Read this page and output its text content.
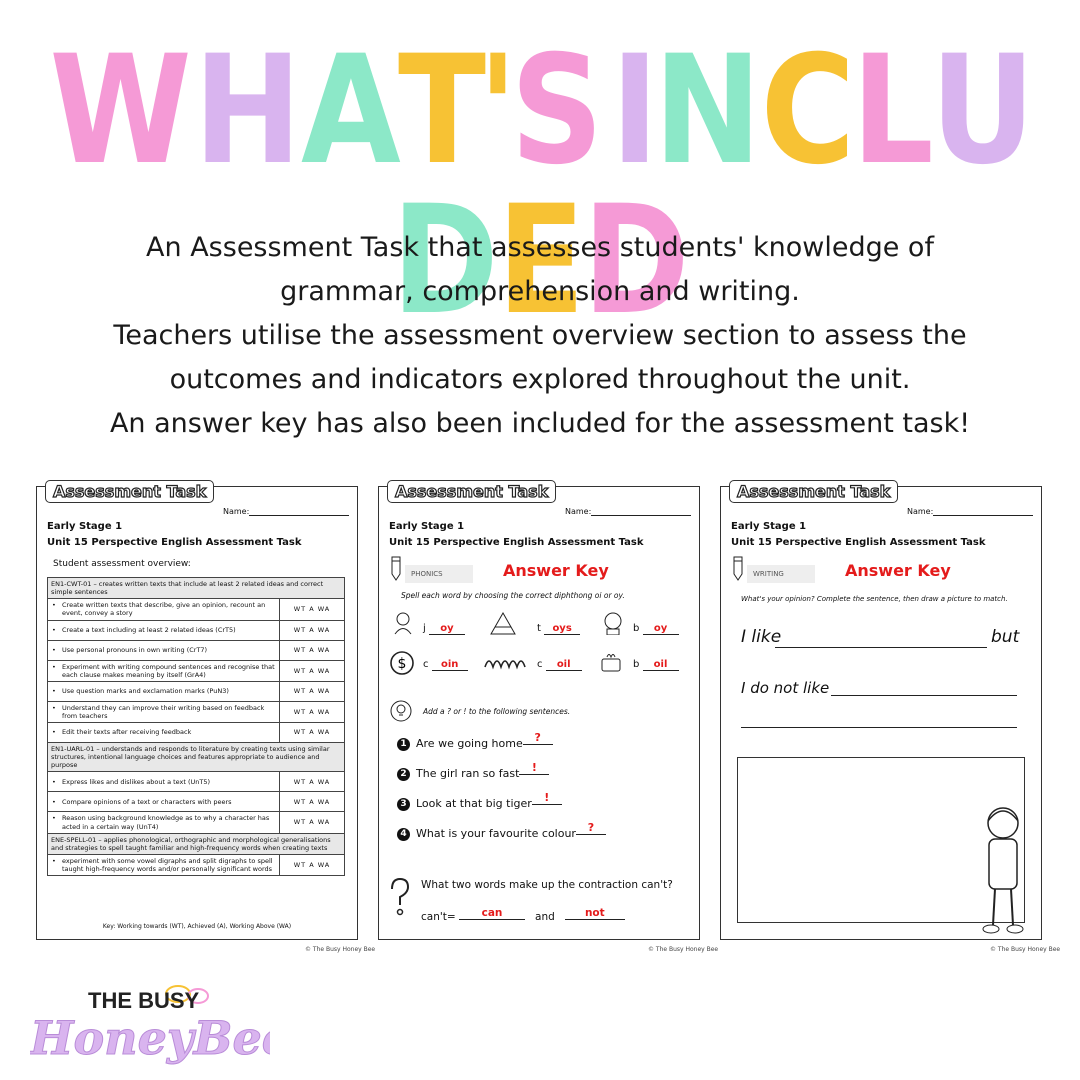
WHAT'S INCLUDED
An Assessment Task that assesses students' knowledge of
grammar, comprehension and writing.
Teachers utilise the assessment overview section to assess the
outcomes and indicators explored throughout the unit.
An answer key has also been included for the assessment task!
Assessment Task
Name:
Early Stage 1
Unit 15 Perspective English Assessment Task
Student assessment overview:
EN1-CWT-01 – creates written texts that include at least 2 related ideas and correct simple sentences	
• Create written texts that describe, give an opinion, recount an event, convey a story	WT A WA
• Create a text including at least 2 related ideas (CrT5)	WT A WA
• Use personal pronouns in own writing (CrT7)	WT A WA
• Experiment with writing compound sentences and recognise that each clause makes meaning by itself (GrA4)	WT A WA
• Use question marks and exclamation marks (PuN3)	WT A WA
• Understand they can improve their writing based on feedback from teachers	WT A WA
• Edit their texts after receiving feedback	WT A WA
EN1-UARL-01 – understands and responds to literature by creating texts using similar structures, intentional language choices and features appropriate to audience and purpose	
• Express likes and dislikes about a text (UnT5)	WT A WA
• Compare opinions of a text or characters with peers	WT A WA
• Reason using background knowledge as to why a character has acted in a certain way (UnT4)	WT A WA
ENE-SPELL-01 – applies phonological, orthographic and morphological generalisations and strategies to spell taught familiar and high-frequency words when creating texts	
• experiment with some vowel digraphs and split digraphs to spell taught high-frequency words and/or personally significant words	WT A WA
Key: Working towards (WT), Achieved (A), Working Above (WA)
© The Busy Honey Bee
Assessment Task
Name:
Early Stage 1
Unit 15 Perspective English Assessment Task
PHONICS	Answer Key
Spell each word by choosing the correct diphthong oi or oy.
j oy	t oys	b oy
$ c oin	c oil	b oil
Add a ? or ! to the following sentences.
1 Are we going home ?
2 The girl ran so fast !
3 Look at that big tiger !
4 What is your favourite colour ?
What two words make up the contraction can't?
can't= can	and	not
© The Busy Honey Bee
Assessment Task
Name:
Early Stage 1
Unit 15 Perspective English Assessment Task
WRITING	Answer Key
What's your opinion? Complete the sentence, then draw a picture to match.
I like	but
I do not like
© The Busy Honey Bee
THE BUSY
HoneyBee
